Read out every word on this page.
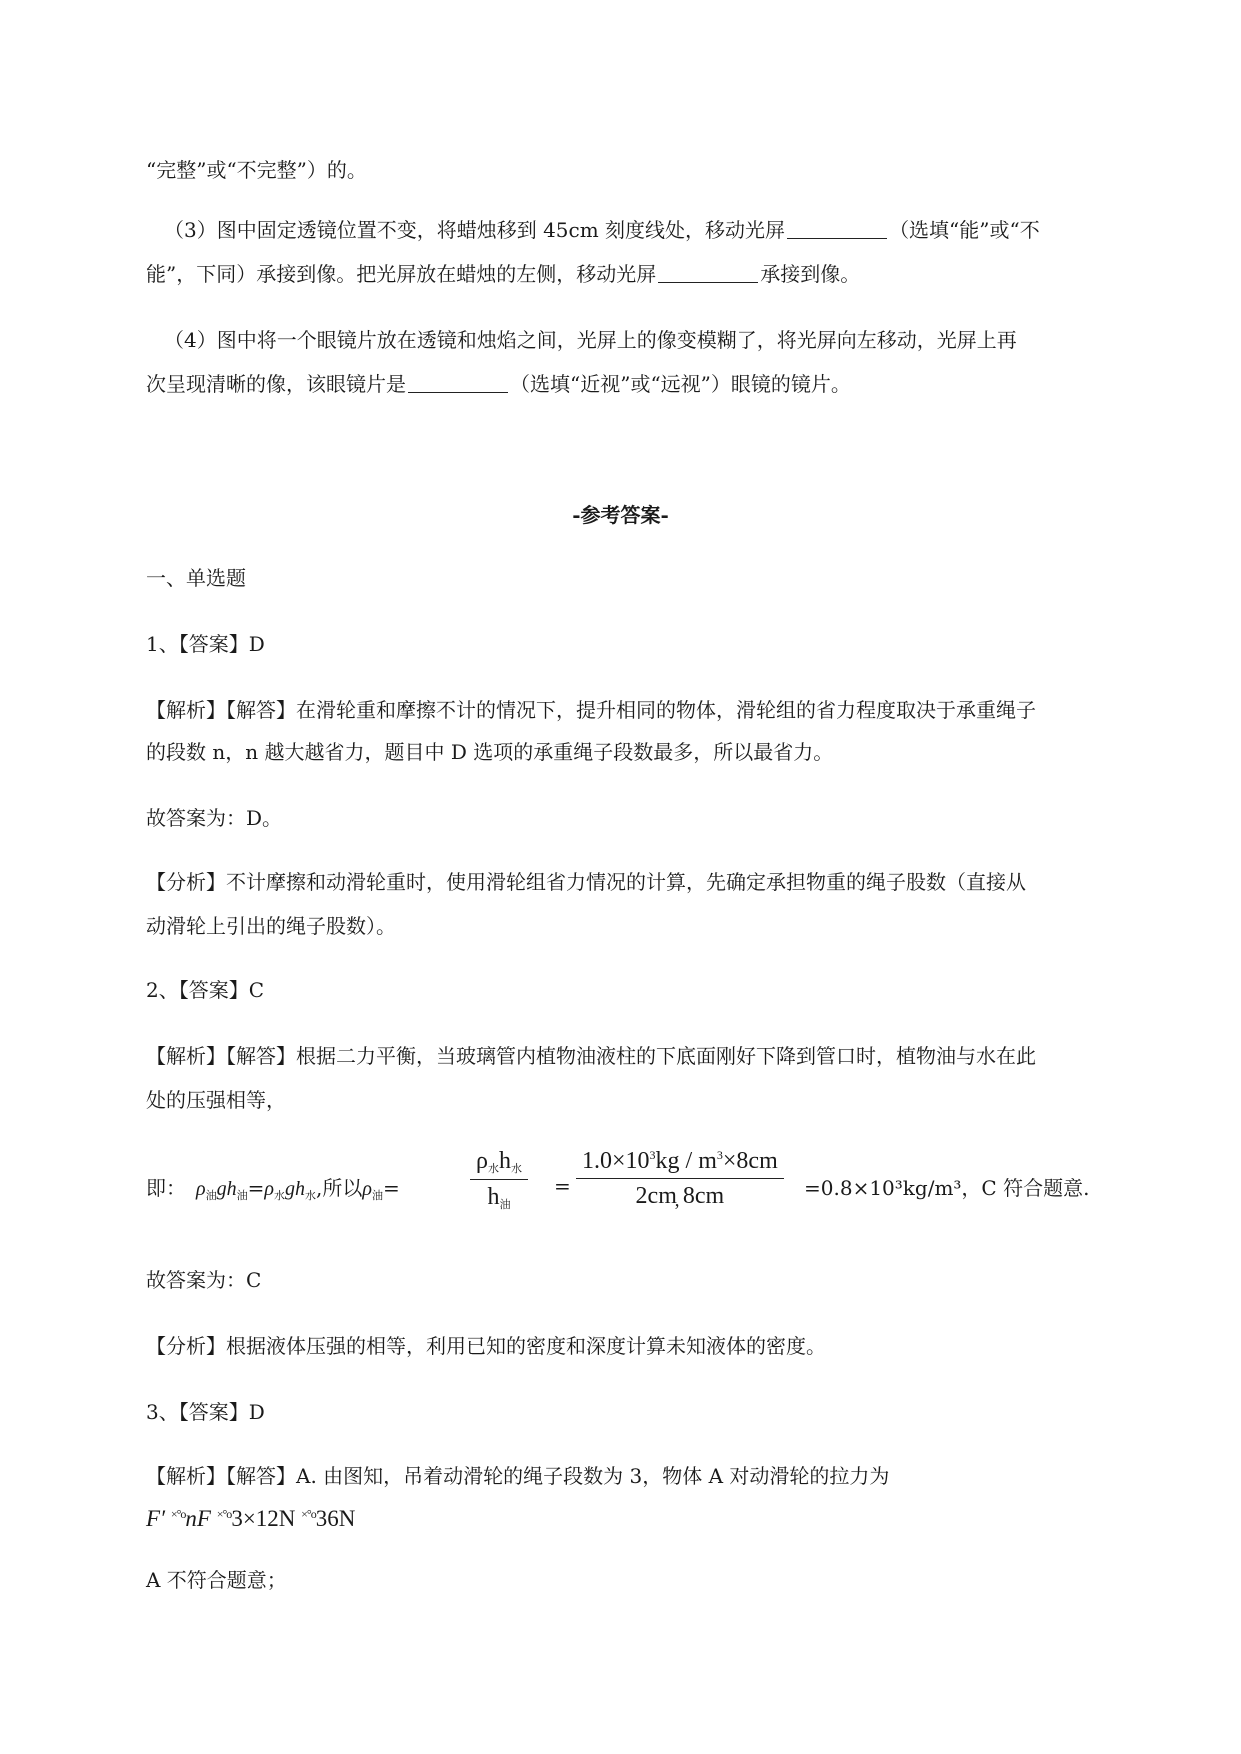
“完整”或“不完整”）的。
（3）图中固定透镜位置不变，将蜡烛移到 45cm 刻度线处，移动光屏	（选填“能”或“不
能”，下同）承接到像。把光屏放在蜡烛的左侧，移动光屏	承接到像。
（4）图中将一个眼镜片放在透镜和烛焰之间，光屏上的像变模糊了，将光屏向左移动，光屏上再
次呈现清晰的像，该眼镜片是	（选填“近视”或“远视”）眼镜的镜片。
-参考答案-
一、单选题
1、【答案】D
【解析】【解答】在滑轮重和摩擦不计的情况下，提升相同的物体，滑轮组的省力程度取决于承重绳子
的段数 n，n 越大越省力，题目中 D 选项的承重绳子段数最多，所以最省力。
故答案为：D。
【分析】不计摩擦和动滑轮重时，使用滑轮组省力情况的计算，先确定承担物重的绳子股数（直接从
动滑轮上引出的绳子股数）。
2、【答案】C
【解析】【解答】根据二力平衡，当玻璃管内植物油液柱的下底面刚好下降到管口时，植物油与水在此
处的压强相等，
即： $\rho_油gh_油=\rho_水gh_水$,所以$\rho_油=$
$\rho_水h_水$
$h_油$
= $\frac{1.0\times 10^3kg / m^3\times 8cm}{2cm̦ 8cm} =0.8\times 10^3kg/m^3$，C 符合题意.
故答案为：C
【分析】根据液体压强的相等，利用已知的密度和深度计算未知液体的密度。
3、【答案】D
【解析】【解答】A. 由图知，吊着动滑轮的绳子段数为 3，物体 A 对动滑轮的拉力为
F′ $^{\times^\circ o}$nF $^{\times^\circ o}$3×12N $^{\times^\circ o}$36N
A 不符合题意；
